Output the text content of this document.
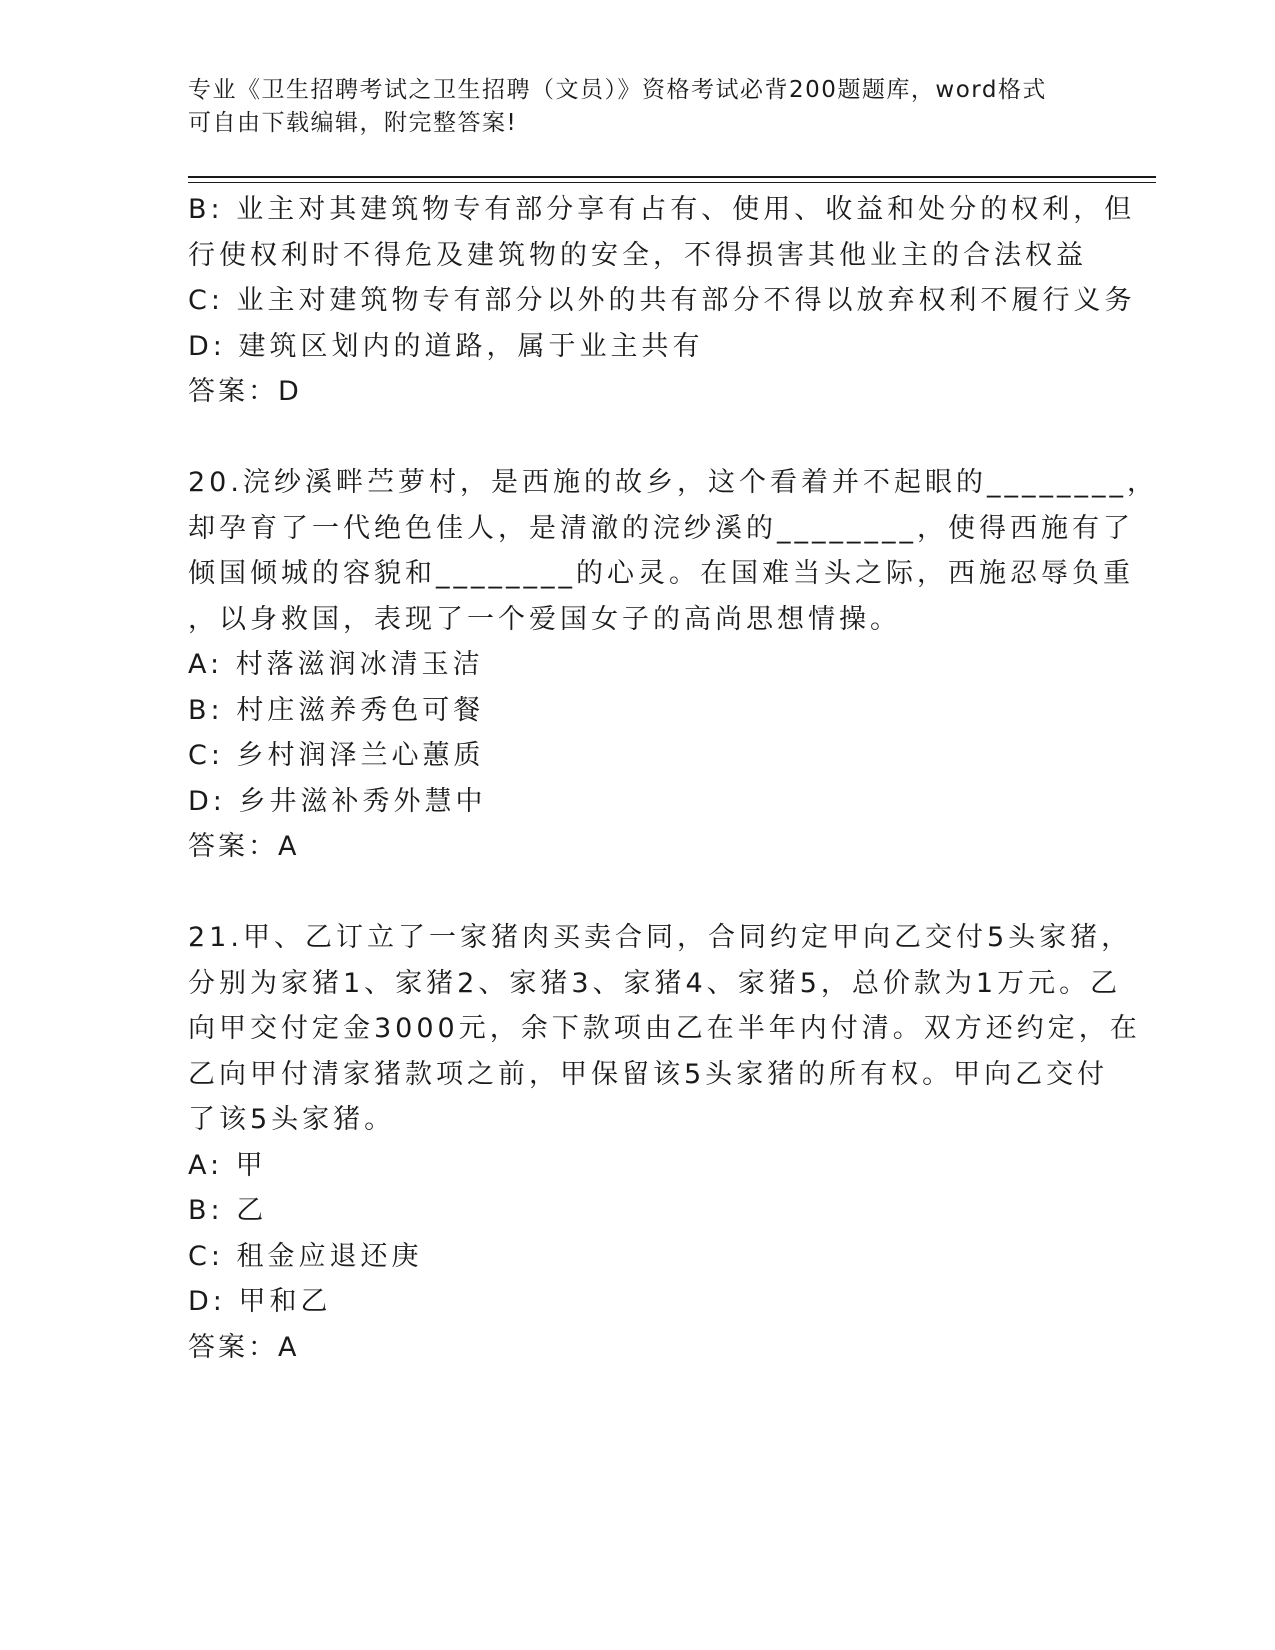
专业《卫生招聘考试之卫生招聘（文员）》资格考试必背200题题库，word格式
可自由下载编辑，附完整答案!
B: 业主对其建筑物专有部分享有占有、使用、收益和处分的权利，但
行使权利时不得危及建筑物的安全，不得损害其他业主的合法权益
C: 业主对建筑物专有部分以外的共有部分不得以放弃权利不履行义务
D: 建筑区划内的道路，属于业主共有
答案：D
20.浣纱溪畔苎萝村，是西施的故乡，这个看着并不起眼的________，
却孕育了一代绝色佳人，是清澈的浣纱溪的________，使得西施有了
倾国倾城的容貌和________的心灵。在国难当头之际，西施忍辱负重
，以身救国，表现了一个爱国女子的高尚思想情操。
A: 村落滋润冰清玉洁
B: 村庄滋养秀色可餐
C: 乡村润泽兰心蕙质
D: 乡井滋补秀外慧中
答案：A
21.甲、乙订立了一家猪肉买卖合同，合同约定甲向乙交付5头家猪，
分别为家猪1、家猪2、家猪3、家猪4、家猪5，总价款为1万元。乙
向甲交付定金3000元，余下款项由乙在半年内付清。双方还约定，在
乙向甲付清家猪款项之前，甲保留该5头家猪的所有权。甲向乙交付
了该5头家猪。
A: 甲
B: 乙
C: 租金应退还庚
D: 甲和乙
答案：A
